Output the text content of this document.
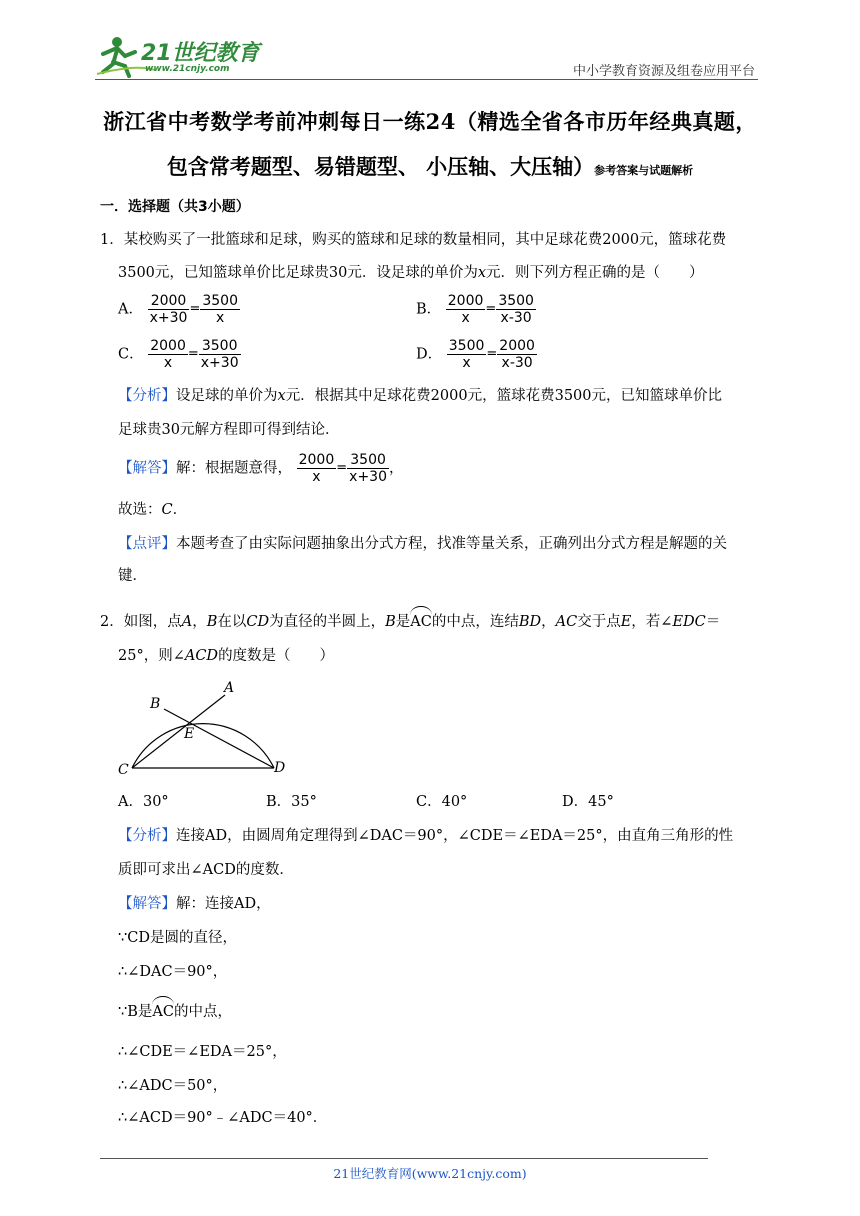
21世纪教育
www.21cnjy.com	中小学教育资源及组卷应用平台
浙江省中考数学考前冲刺每日一练24（精选全省各市历年经典真题，
包含常考题型、易错题型、 小压轴、大压轴）参考答案与试题解析
一．选择题（共3小题）
1．某校购买了一批篮球和足球，购买的篮球和足球的数量相同，其中足球花费2000元，篮球花费
3500元，已知篮球单价比足球贵30元．设足球的单价为x元．则下列方程正确的是（　　）
A． $\frac{2000}{x+30} = \frac{3500}{x}$	B． $\frac{2000}{x} = \frac{3500}{x-30}$
C． $\frac{2000}{x} = \frac{3500}{x+30}$	D． $\frac{3500}{x} = \frac{2000}{x-30}$
【分析】设足球的单价为x元．根据其中足球花费2000元，篮球花费3500元，已知篮球单价比
足球贵30元解方程即可得到结论．
【解答】解：根据题意得， $\frac{2000}{x} = \frac{3500}{x+30}$ ，
故选：C．
【点评】本题考查了由实际问题抽象出分式方程，找准等量关系，正确列出分式方程是解题的关
键．
2．如图，点A，B在以CD为直径的半圆上，B是AC的中点，连结BD，AC交于点E，若∠EDC＝
25°，则∠ACD的度数是（　　）
B
A
E
C	D
A．30°	B．35°	C．40°	D．45°
【分析】连接AD，由圆周角定理得到∠DAC＝90°，∠CDE＝∠EDA＝25°，由直角三角形的性
质即可求出∠ACD的度数．
【解答】解：连接AD，
∵CD是圆的直径，
∴∠DAC＝90°，
∵B是AC的中点，
∴∠CDE＝∠EDA＝25°，
∴∠ADC＝50°，
∴∠ACD＝90°﹣∠ADC＝40°．
21世纪教育网(www.21cnjy.com)
